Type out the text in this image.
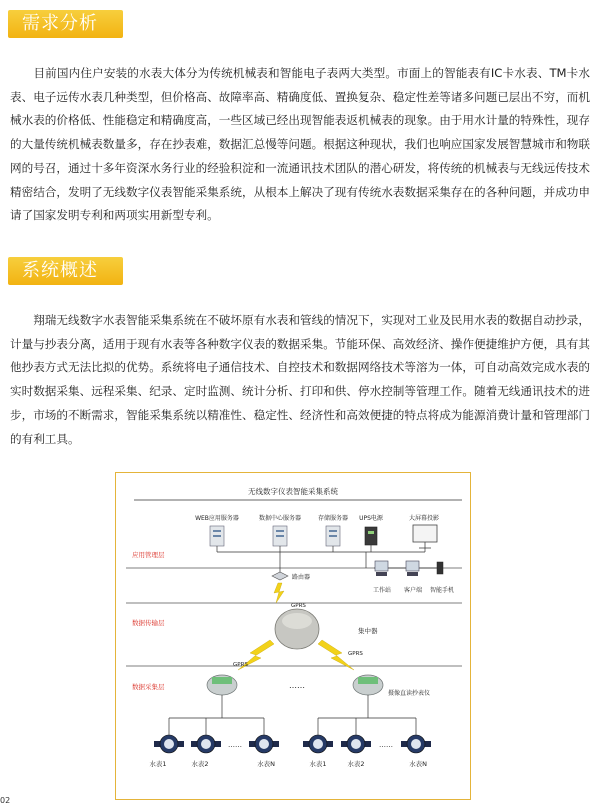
需求分析

　　目前国内住户安装的水表大体分为传统机械表和智能电子表两大类型。市面上的智能表有IC卡水表、TM卡水表、电子远传水表几种类型，但价格高、故障率高、精确度低、置换复杂、稳定性差等诸多问题已层出不穷，而机械水表的价格低、性能稳定和精确度高，一些区域已经出现智能表返机械表的现象。由于用水计量的特殊性，现存的大量传统机械表数量多，存在抄表难，数据汇总慢等问题。根据这种现状，我们也响应国家发展智慧城市和物联网的号召，通过十多年资深水务行业的经验积淀和一流通讯技术团队的潜心研发，将传统的机械表与无线远传技术精密结合，发明了无线数字仪表智能采集系统，从根本上解决了现有传统水表数据采集存在的各种问题，并成功申请了国家发明专利和两项实用新型专利。

系统概述

　　翔瑞无线数字水表智能采集系统在不破坏原有水表和管线的情况下，实现对工业及民用水表的数据自动抄录，计量与抄表分离，适用于现有水表等各种数字仪表的数据采集。节能环保、高效经济、操作便捷维护方便，具有其他抄表方式无法比拟的优势。系统将电子通信技术、自控技术和数据网络技术等溶为一体，可自动高效完成水表的实时数据采集、远程采集、纪录、定时监测、统计分析、打印和供、停水控制等管理工作。随着无线通讯技术的进步，市场的不断需求，智能采集系统以精准性、稳定性、经济性和高效便捷的特点将成为能源消费计量和管理部门的有利工具。

无线数字仪表智能采集系统
应用管理层
数据传输层
数据采集层
WEB应用服务器	数据中心服务器	存储服务器 UPS电源	大屏幕投影
路由器
工作站 客户端 智能手机
GPRS
集中器
GPRS
GPRS
……
摄像直读抄表仪
……	……
水表1	水表2	水表N	水表1	水表2	水表N
02
